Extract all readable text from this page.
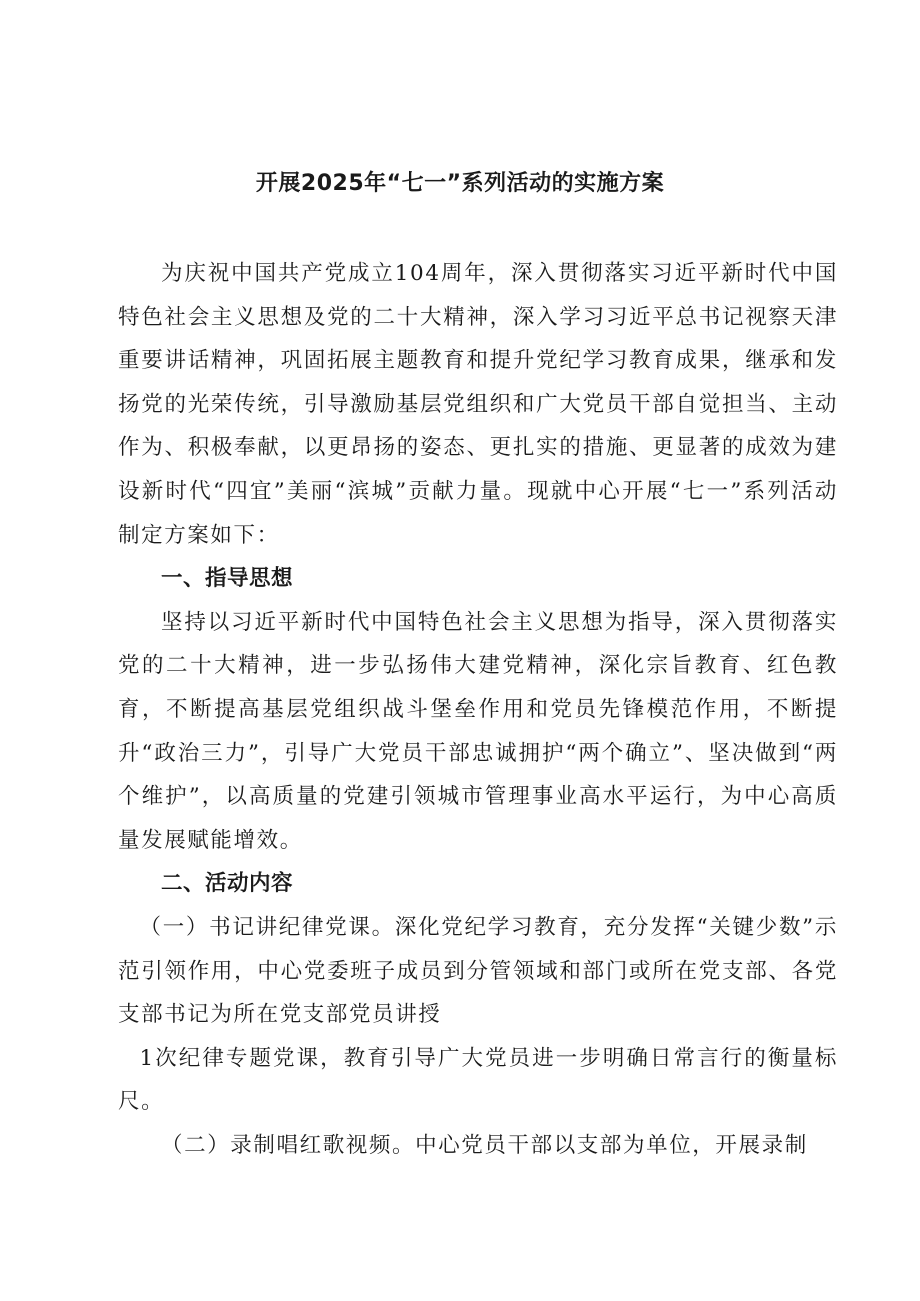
开展2025年“七一”系列活动的实施方案

为庆祝中国共产党成立104周年，深入贯彻落实习近平新时代中国特色社会主义思想及党的二十大精神，深入学习习近平总书记视察天津重要讲话精神，巩固拓展主题教育和提升党纪学习教育成果，继承和发扬党的光荣传统，引导激励基层党组织和广大党员干部自觉担当、主动作为、积极奉献，以更昂扬的姿态、更扎实的措施、更显著的成效为建设新时代“四宜”美丽“滨城”贡献力量。现就中心开展“七一”系列活动制定方案如下：

一、指导思想

坚持以习近平新时代中国特色社会主义思想为指导，深入贯彻落实党的二十大精神，进一步弘扬伟大建党精神，深化宗旨教育、红色教育，不断提高基层党组织战斗堡垒作用和党员先锋模范作用，不断提升“政治三力”，引导广大党员干部忠诚拥护“两个确立”、坚决做到“两个维护”，以高质量的党建引领城市管理事业高水平运行，为中心高质量发展赋能增效。

二、活动内容

（一）书记讲纪律党课。深化党纪学习教育，充分发挥“关键少数”示范引领作用，中心党委班子成员到分管领域和部门或所在党支部、各党支部书记为所在党支部党员讲授

1次纪律专题党课，教育引导广大党员进一步明确日常言行的衡量标尺。

（二）录制唱红歌视频。中心党员干部以支部为单位，开展录制
